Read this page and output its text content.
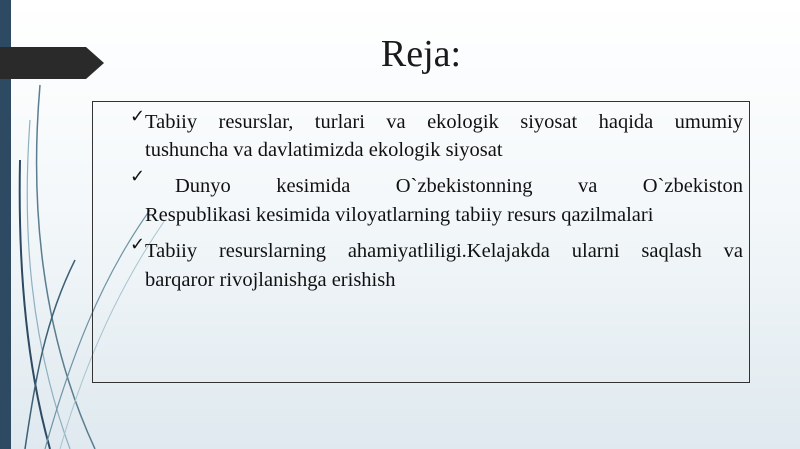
Reja:
✓ Tabiiy resurslar, turlari va ekologik siyosat haqida umumiy
tushuncha va davlatimizda ekologik siyosat
✓	Dunyo kesimida O`zbekistonning va O`zbekiston
Respublikasi kesimida viloyatlarning tabiiy resurs qazilmalari
✓ Tabiiy resurslarning ahamiyatliligi.Kelajakda ularni saqlash va
barqaror rivojlanishga erishish
